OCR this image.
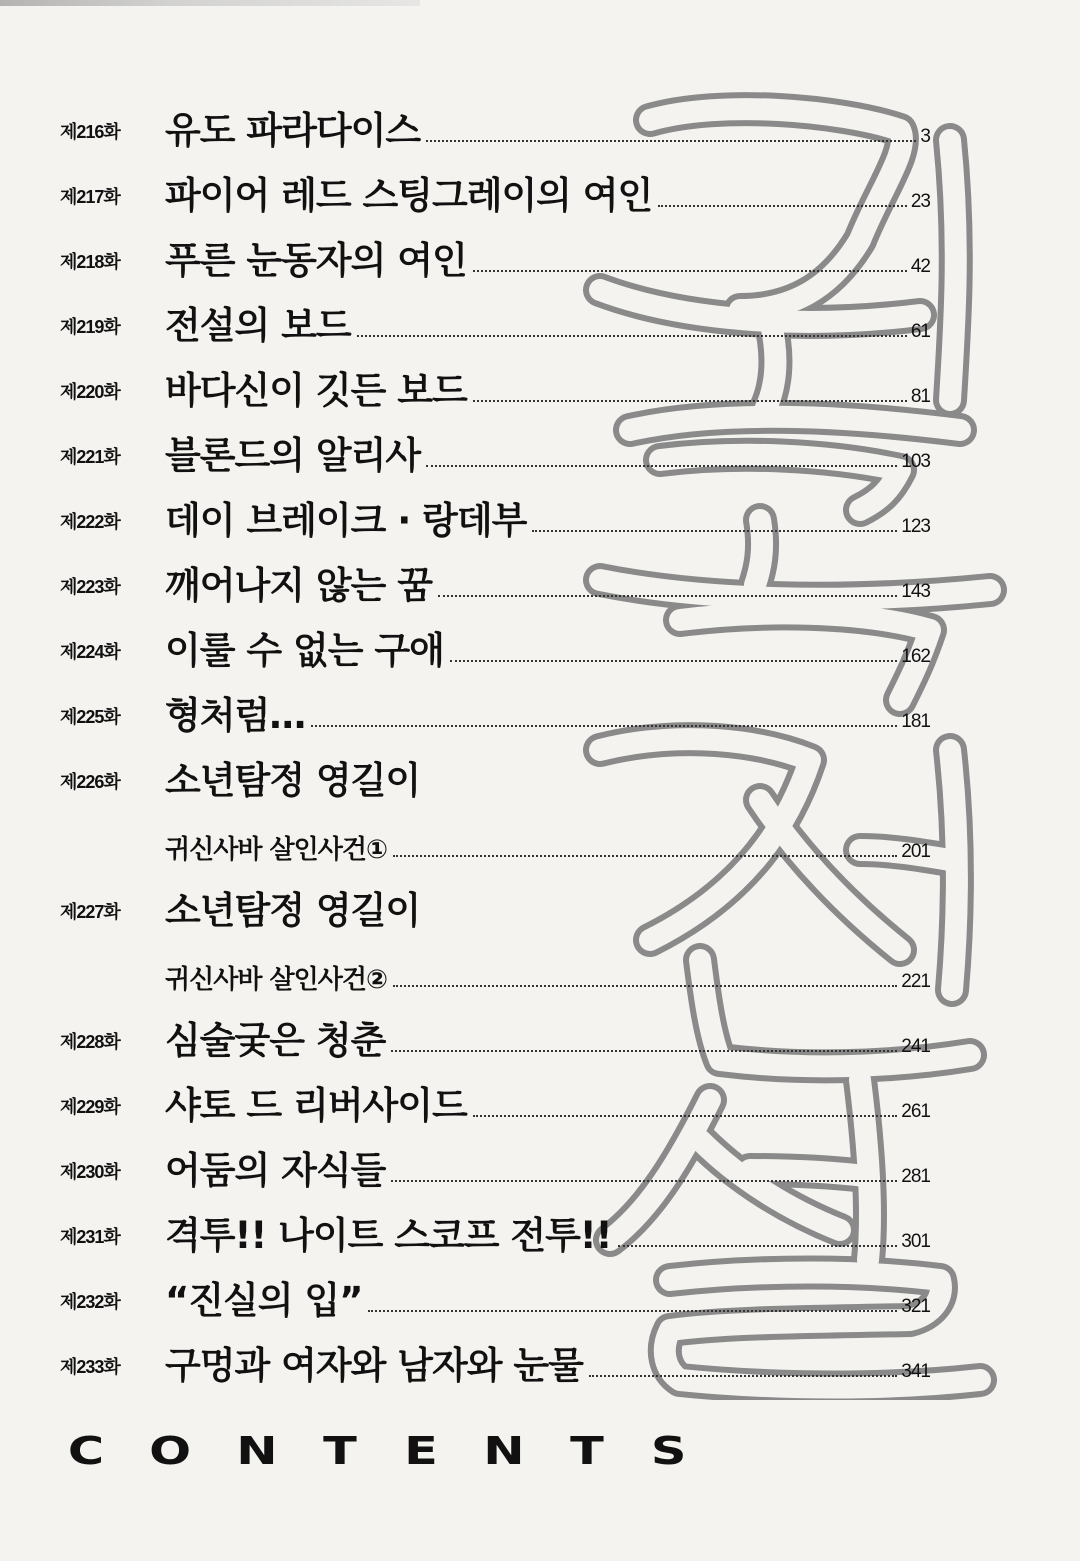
제216화 유도 파라다이스	3
제217화 파이어 레드 스팅그레이의 여인	23
제218화 푸른 눈동자의 여인	42
제219화 전설의 보드	61
제220화 바다신이 깃든 보드	81
제221화 블론드의 알리사	103
제222화 데이 브레이크 · 랑데부	123
제223화 깨어나지 않는 꿈	143
제224화 이룰 수 없는 구애	162
제225화 형처럼…	181
제226화 소년탐정 영길이
귀신사바 살인사건①	201
제227화 소년탐정 영길이
귀신사바 살인사건②	221
제228화 심술궂은 청춘	241
제229화 샤토 드 리버사이드	261
제230화 어둠의 자식들	281
제231화 격투!! 나이트 스코프 전투!!	301
제232화 “진실의 입”	321
제233화 구멍과 여자와 남자와 눈물	341
C O N T E N T S
